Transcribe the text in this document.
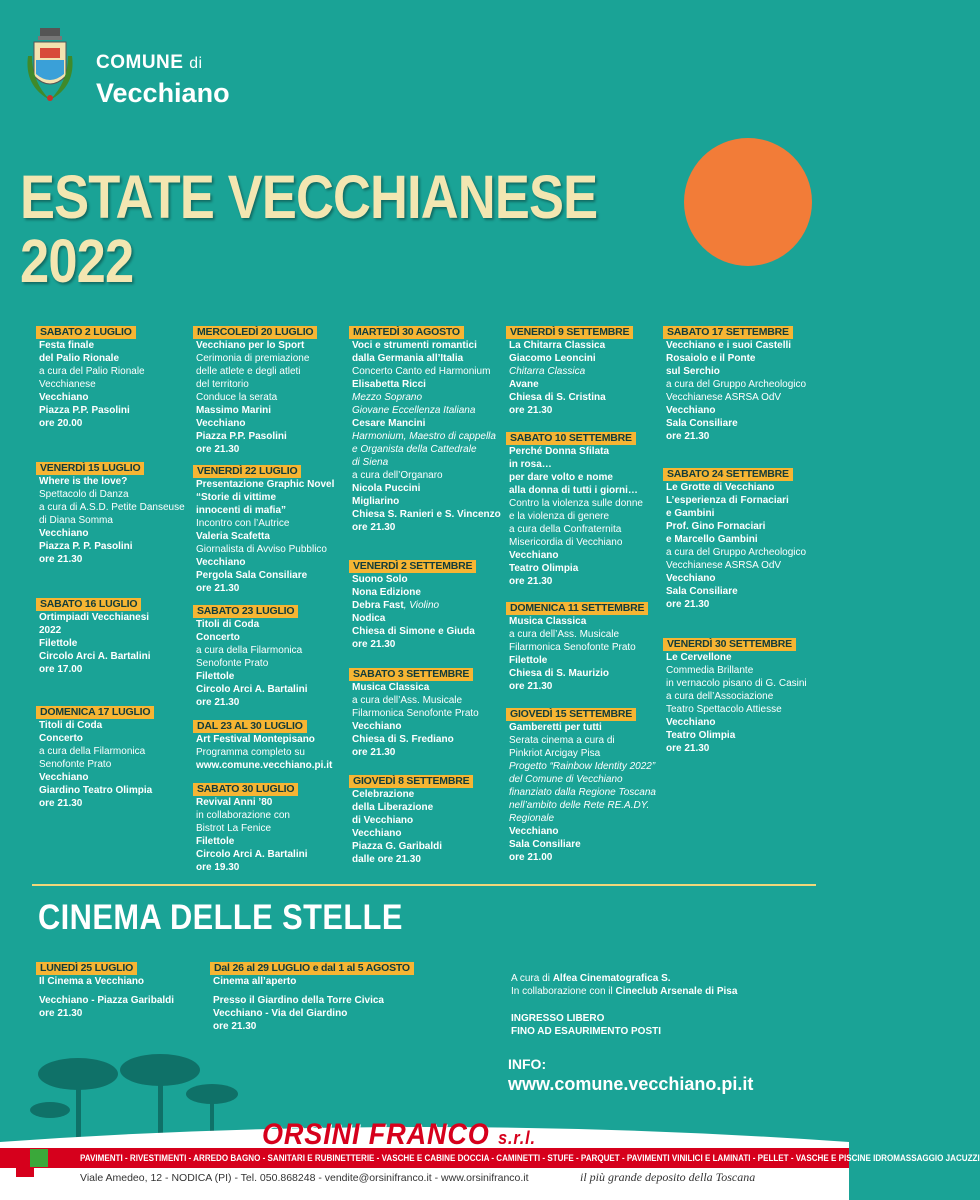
COMUNE di
Vecchiano
ESTATE VECCHIANESE
2022
SABATO 2 LUGLIO
Festa finale
del Palio Rionale
a cura del Palio Rionale
Vecchianese
Vecchiano
Piazza P.P. Pasolini
ore 20.00
VENERDÌ 15 LUGLIO
Where is the love?
Spettacolo di Danza
a cura di A.S.D. Petite Danseuse
di Diana Somma
Vecchiano
Piazza P. P. Pasolini
ore 21.30
SABATO 16 LUGLIO
Ortimpiadi Vecchianesi
2022
Filettole
Circolo Arci A. Bartalini
ore 17.00
DOMENICA 17 LUGLIO
Titoli di Coda
Concerto
a cura della Filarmonica
Senofonte Prato
Vecchiano
Giardino Teatro Olimpia
ore 21.30
MERCOLEDÌ 20 LUGLIO
Vecchiano per lo Sport
Cerimonia di premiazione
delle atlete e degli atleti
del territorio
Conduce la serata
Massimo Marini
Vecchiano
Piazza P.P. Pasolini
ore 21.30
VENERDÌ 22 LUGLIO
Presentazione Graphic Novel
“Storie di vittime
innocenti di mafia”
Incontro con l’Autrice
Valeria Scafetta
Giornalista di Avviso Pubblico
Vecchiano
Pergola Sala Consiliare
ore 21.30
SABATO 23 LUGLIO
Titoli di Coda
Concerto
a cura della Filarmonica
Senofonte Prato
Filettole
Circolo Arci A. Bartalini
ore 21.30
DAL 23 AL 30 LUGLIO
Art Festival Montepisano
Programma completo su
www.comune.vecchiano.pi.it
SABATO 30 LUGLIO
Revival Anni ’80
in collaborazione con
Bistrot La Fenice
Filettole
Circolo Arci A. Bartalini
ore 19.30
MARTEDÌ 30 AGOSTO
Voci e strumenti romantici
dalla Germania all’Italia
Concerto Canto ed Harmonium
Elisabetta Ricci
Mezzo Soprano
Giovane Eccellenza Italiana
Cesare Mancini
Harmonium, Maestro di cappella
e Organista della Cattedrale
di Siena
a cura dell’Organaro
Nicola Puccini
Migliarino
Chiesa S. Ranieri e S. Vincenzo
ore 21.30
VENERDÌ 2 SETTEMBRE
Suono Solo
Nona Edizione
Debra Fast, Violino
Nodica
Chiesa di Simone e Giuda
ore 21.30
SABATO 3 SETTEMBRE
Musica Classica
a cura dell’Ass. Musicale
Filarmonica Senofonte Prato
Vecchiano
Chiesa di S. Frediano
ore 21.30
GIOVEDÌ 8 SETTEMBRE
Celebrazione
della Liberazione
di Vecchiano
Vecchiano
Piazza G. Garibaldi
dalle ore 21.30
VENERDÌ 9 SETTEMBRE
La Chitarra Classica
Giacomo Leoncini
Chitarra Classica
Avane
Chiesa di S. Cristina
ore 21.30
SABATO 10 SETTEMBRE
Perché Donna Sfilata
in rosa…
per dare volto e nome
alla donna di tutti i giorni…
Contro la violenza sulle donne
e la violenza di genere
a cura della Confraternita
Misericordia di Vecchiano
Vecchiano
Teatro Olimpia
ore 21.30
DOMENICA 11 SETTEMBRE
Musica Classica
a cura dell’Ass. Musicale
Filarmonica Senofonte Prato
Filettole
Chiesa di S. Maurizio
ore 21.30
GIOVEDÌ 15 SETTEMBRE
Gamberetti per tutti
Serata cinema a cura di
Pinkriot Arcigay Pisa
Progetto “Rainbow Identity 2022”
del Comune di Vecchiano
finanziato dalla Regione Toscana
nell’ambito delle Rete RE.A.DY.
Regionale
Vecchiano
Sala Consiliare
ore 21.00
SABATO 17 SETTEMBRE
Vecchiano e i suoi Castelli
Rosaiolo e il Ponte
sul Serchio
a cura del Gruppo Archeologico
Vecchianese ASRSA OdV
Vecchiano
Sala Consiliare
ore 21.30
SABATO 24 SETTEMBRE
Le Grotte di Vecchiano
L’esperienza di Fornaciari
e Gambini
Prof. Gino Fornaciari
e Marcello Gambini
a cura del Gruppo Archeologico
Vecchianese ASRSA OdV
Vecchiano
Sala Consiliare
ore 21.30
VENERDÌ 30 SETTEMBRE
Le Cervellone
Commedia Brillante
in vernacolo pisano di G. Casini
a cura dell’Associazione
Teatro Spettacolo Attiesse
Vecchiano
Teatro Olimpia
ore 21.30
CINEMA DELLE STELLE
LUNEDÌ 25 LUGLIO
Il Cinema a Vecchiano
Vecchiano - Piazza Garibaldi
ore 21.30
Dal 26 al 29 LUGLIO e dal 1 al 5 AGOSTO
Cinema all’aperto
Presso il Giardino della Torre Civica
Vecchiano - Via del Giardino
ore 21.30
A cura di Alfea Cinematografica S.
In collaborazione con il Cineclub Arsenale di Pisa
INGRESSO LIBERO
FINO AD ESAURIMENTO POSTI
INFO:
www.comune.vecchiano.pi.it
ORSINI FRANCO s.r.l.
PAVIMENTI - RIVESTIMENTI - ARREDO BAGNO - SANITARI E RUBINETTERIE - VASCHE E CABINE DOCCIA - CAMINETTI - STUFE - PARQUET - PAVIMENTI VINILICI E LAMINATI - PELLET - VASCHE E PISCINE IDROMASSAGGIO JACUZZI
Viale Amedeo, 12 - NODICA (PI) - Tel. 050.868248 - vendite@orsinifranco.it - www.orsinifranco.it	il più grande deposito della Toscana
